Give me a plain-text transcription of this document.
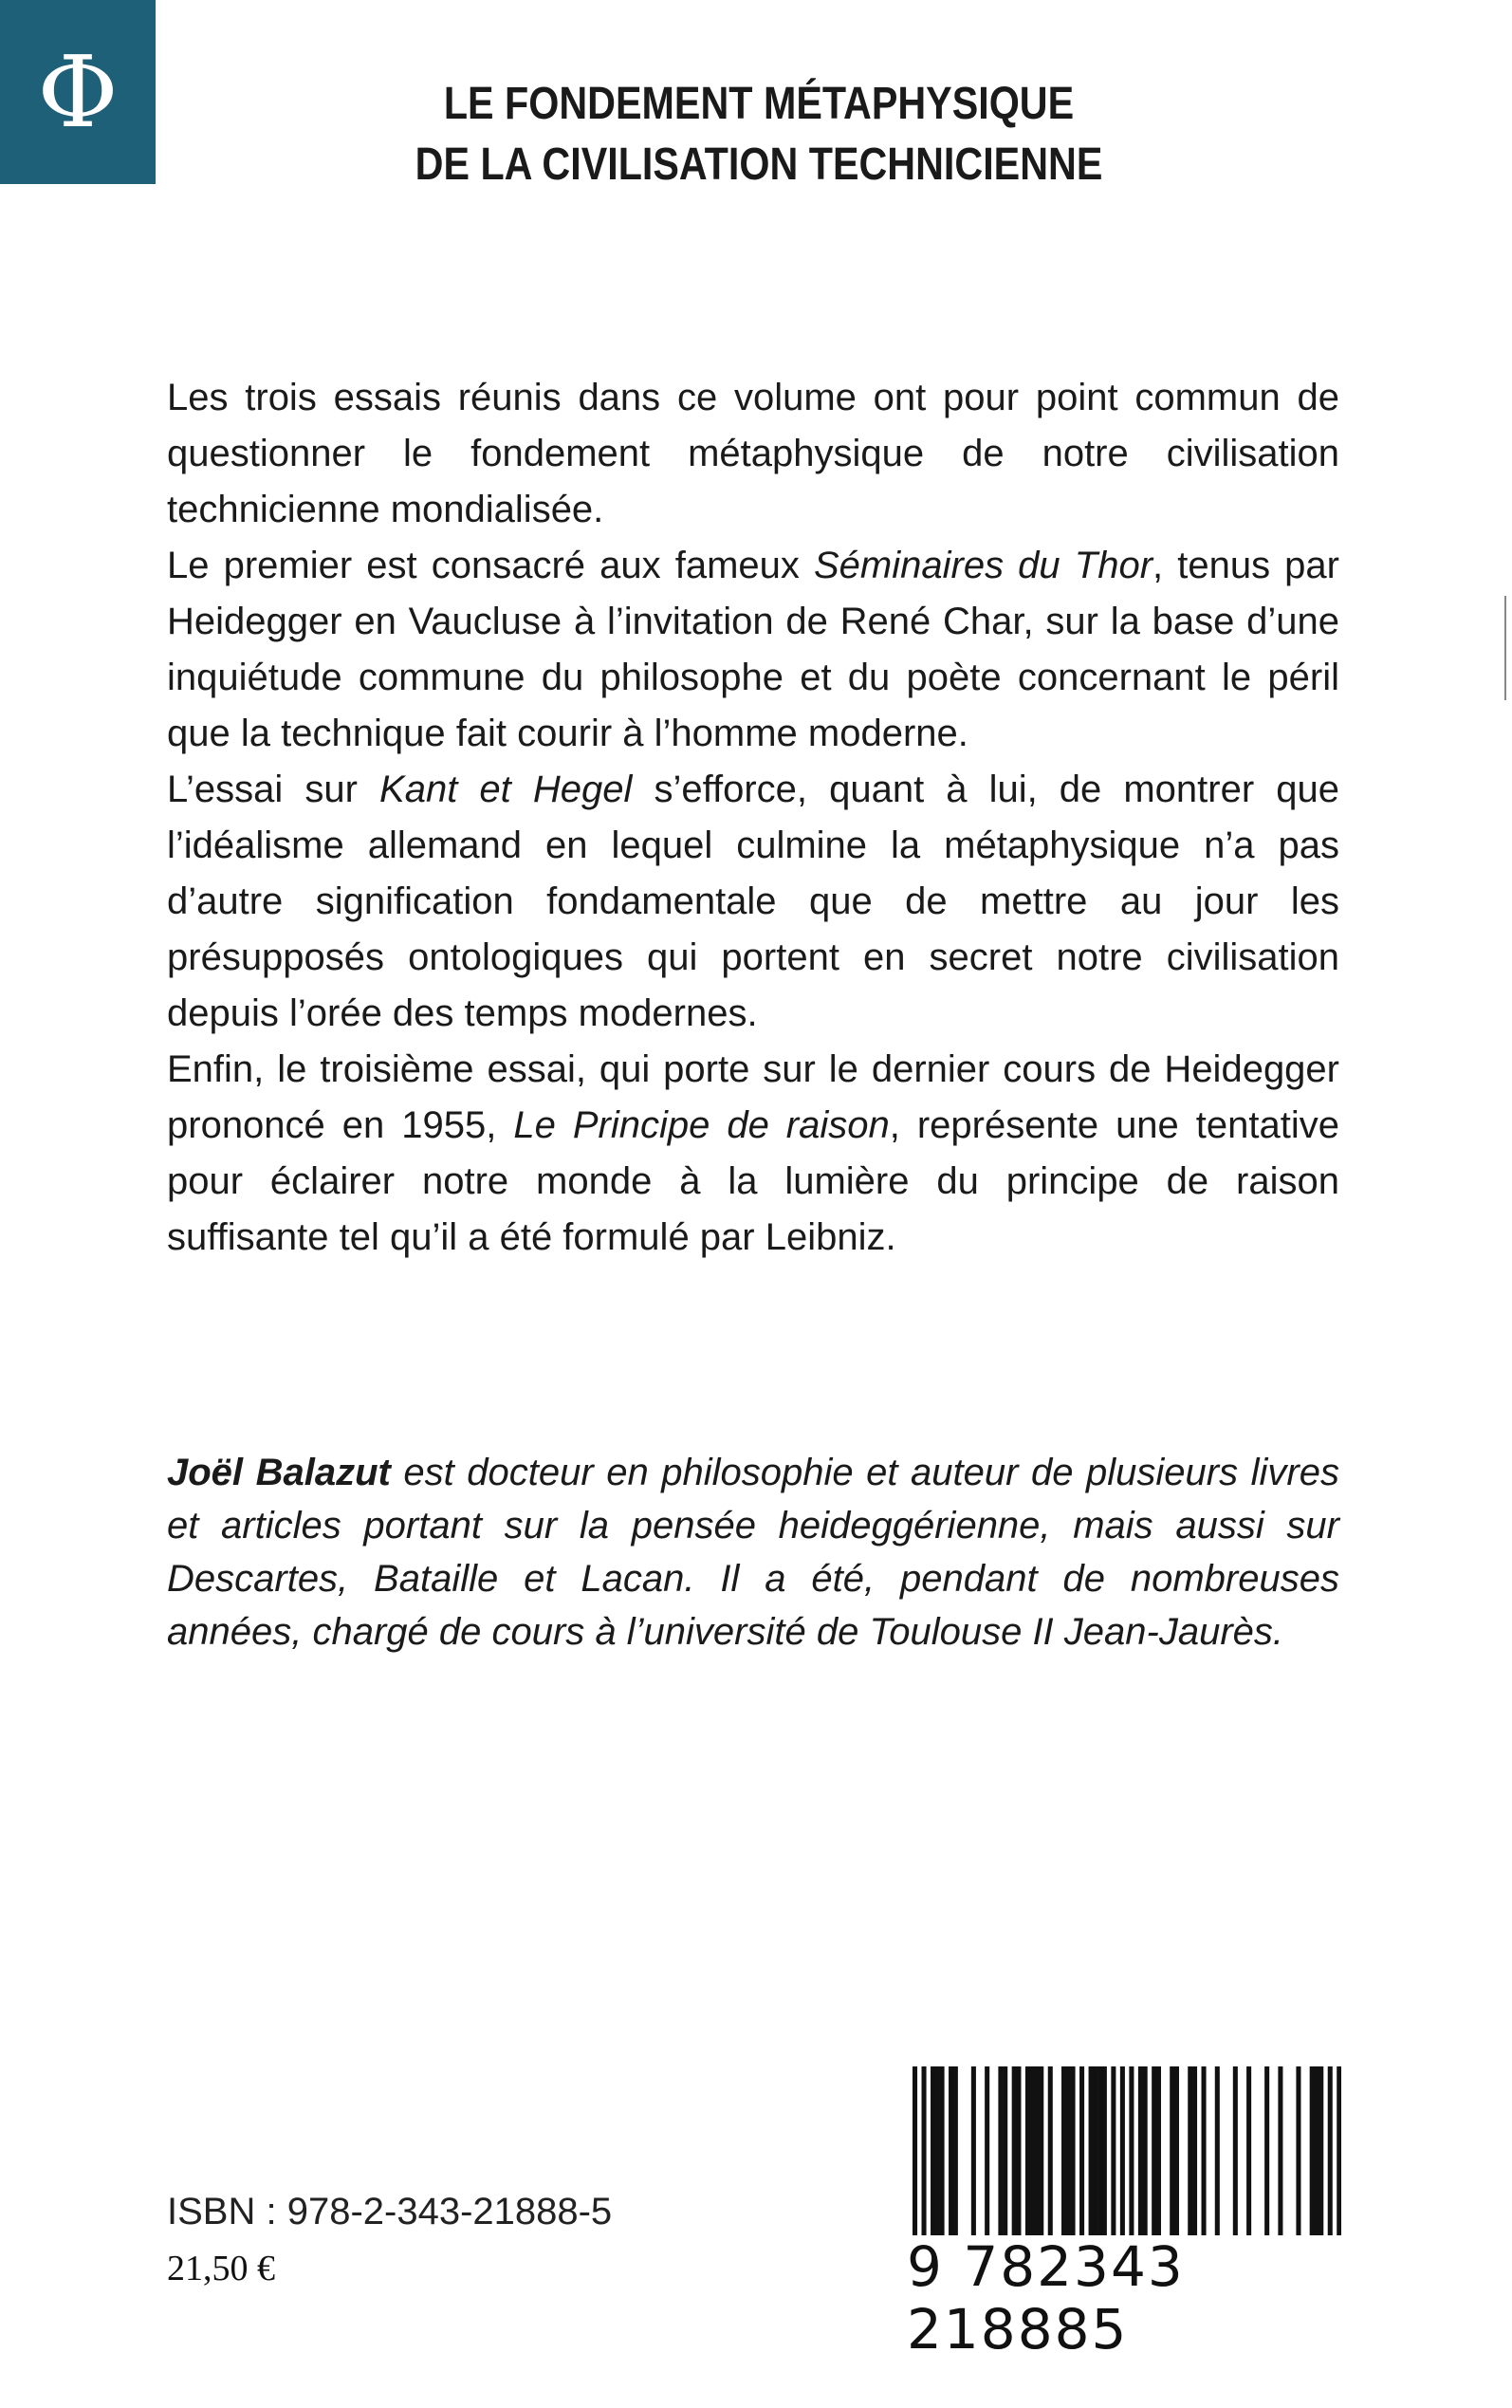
Φ	LE FONDEMENT MÉTAPHYSIQUE
DE LA CIVILISATION TECHNICIENNE

Les trois essais réunis dans ce volume ont pour point commun de questionner le fondement métaphysique de notre civilisation technicienne mondialisée.

Le premier est consacré aux fameux Séminaires du Thor, tenus par Heidegger en Vaucluse à l’invitation de René Char, sur la base d’une inquiétude commune du philosophe et du poète concernant le péril que la technique fait courir à l’homme moderne.

L’essai sur Kant et Hegel s’efforce, quant à lui, de montrer que l’idéalisme allemand en lequel culmine la métaphysique n’a pas d’autre signification fondamentale que de mettre au jour les présupposés ontologiques qui portent en secret notre civilisation depuis l’orée des temps modernes.

Enfin, le troisième essai, qui porte sur le dernier cours de Heidegger prononcé en 1955, Le Principe de raison, représente une tentative pour éclairer notre monde à la lumière du principe de raison suffisante tel qu’il a été formulé par Leibniz.

Joël Balazut est docteur en philosophie et auteur de plusieurs livres et articles portant sur la pensée heideggérienne, mais aussi sur Descartes, Bataille et Lacan. Il a été, pendant de nombreuses années, chargé de cours à l’université de Toulouse II Jean-Jaurès.
ISBN : 978-2-343-21888-5
21,50 €	9 782343 218885
